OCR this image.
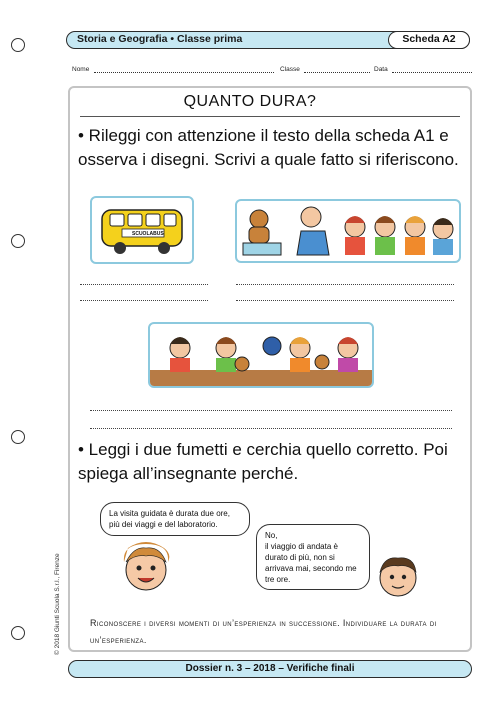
Storia e Geografia • Classe prima	Scheda A2
Nome	Classe	Data
QUANTO DURA?
• Rileggi con attenzione il testo della scheda A1 e osserva i disegni. Scrivi a quale fatto si riferiscono.
SCUOLABUS
• Leggi i due fumetti e cerchia quello corretto. Poi spiega all’insegnante perché.
La visita guidata è durata due ore, più dei viaggi e del laboratorio.
No,
il viaggio di andata è durato di più, non si arrivava mai, secondo me tre ore.
Riconoscere i diversi momenti di un’esperienza in successione. Individuare la durata di un’esperienza.
© 2018 Giunti Scuola S.r.l., Firenze
Dossier n. 3 – 2018 – Verifiche finali
